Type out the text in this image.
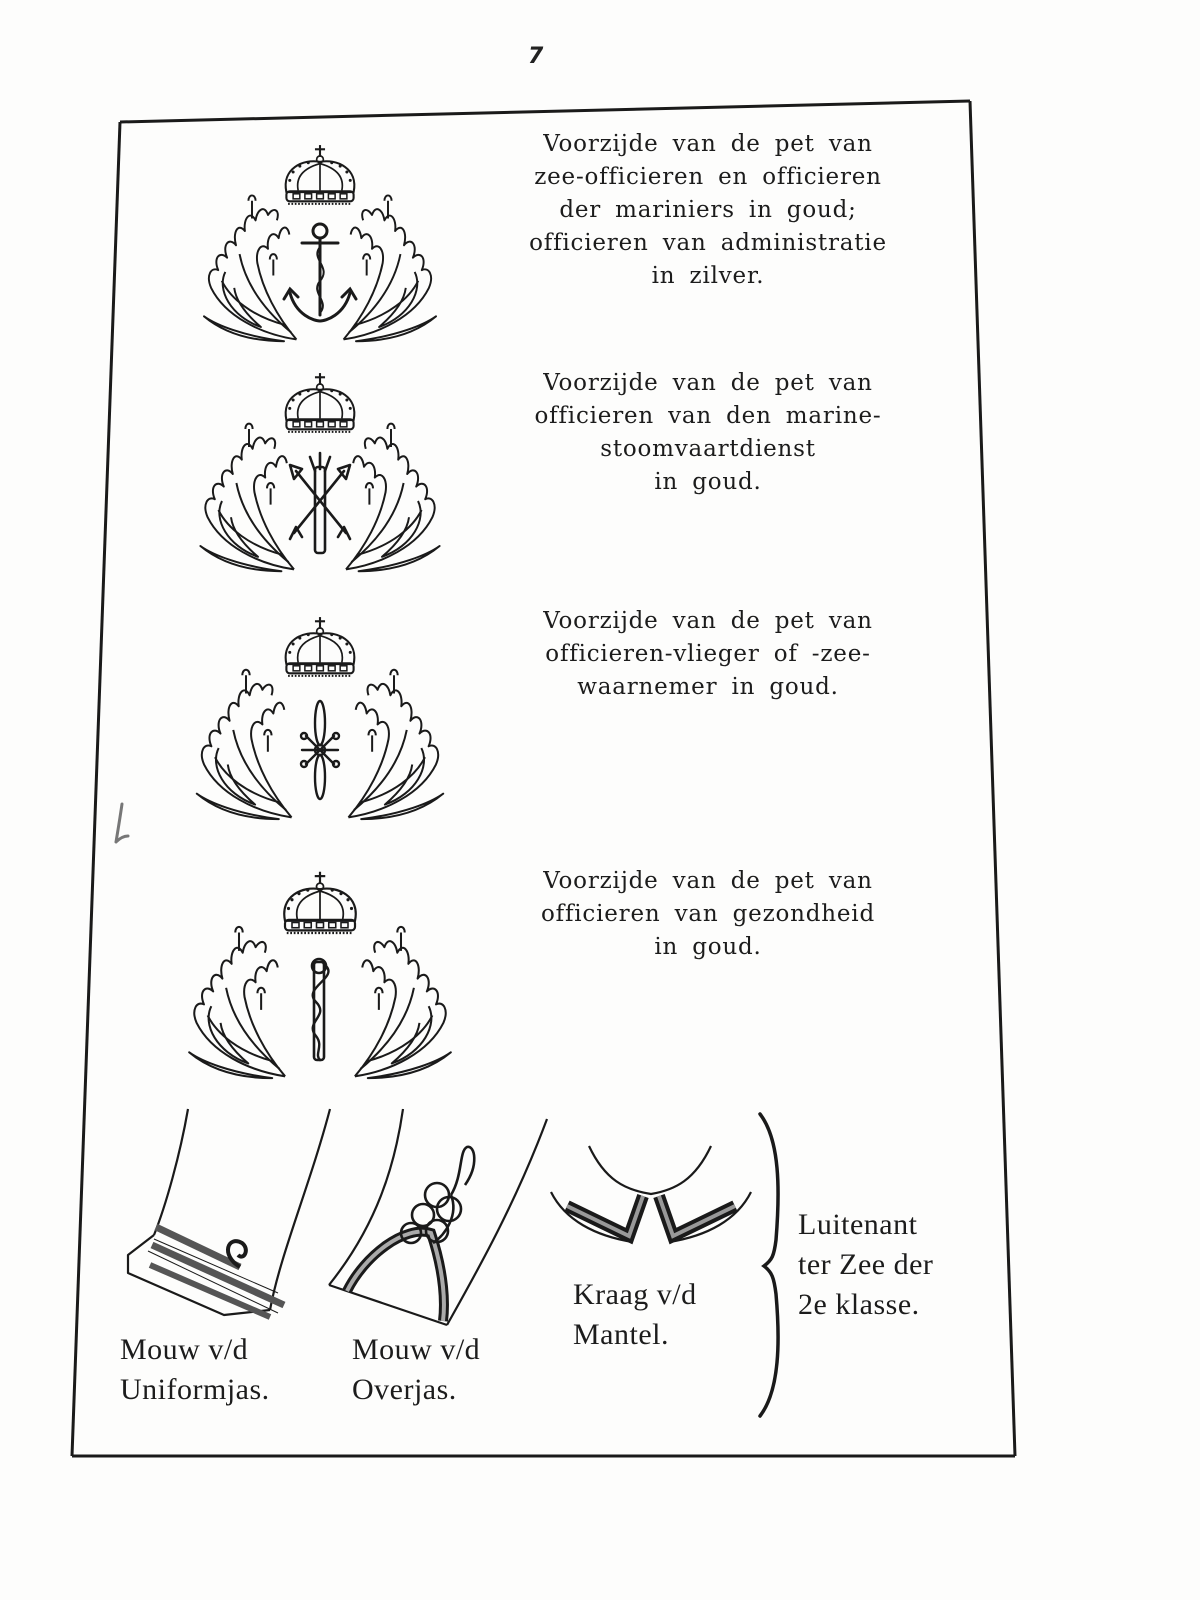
7
Voorzijde van de pet van
zee-officieren en officieren
der mariniers in goud;
officieren van administratie
in zilver.
Voorzijde van de pet van
officieren van den marine-
stoomvaartdienst
in goud.
Voorzijde van de pet van
officieren-vlieger of -zee-
waarnemer in goud.
Voorzijde van de pet van
officieren van gezondheid
in goud.
Mouw v/d
Uniformjas.
Mouw v/d
Overjas.
Kraag v/d
Mantel.
Luitenant
ter Zee der
2e klasse.
